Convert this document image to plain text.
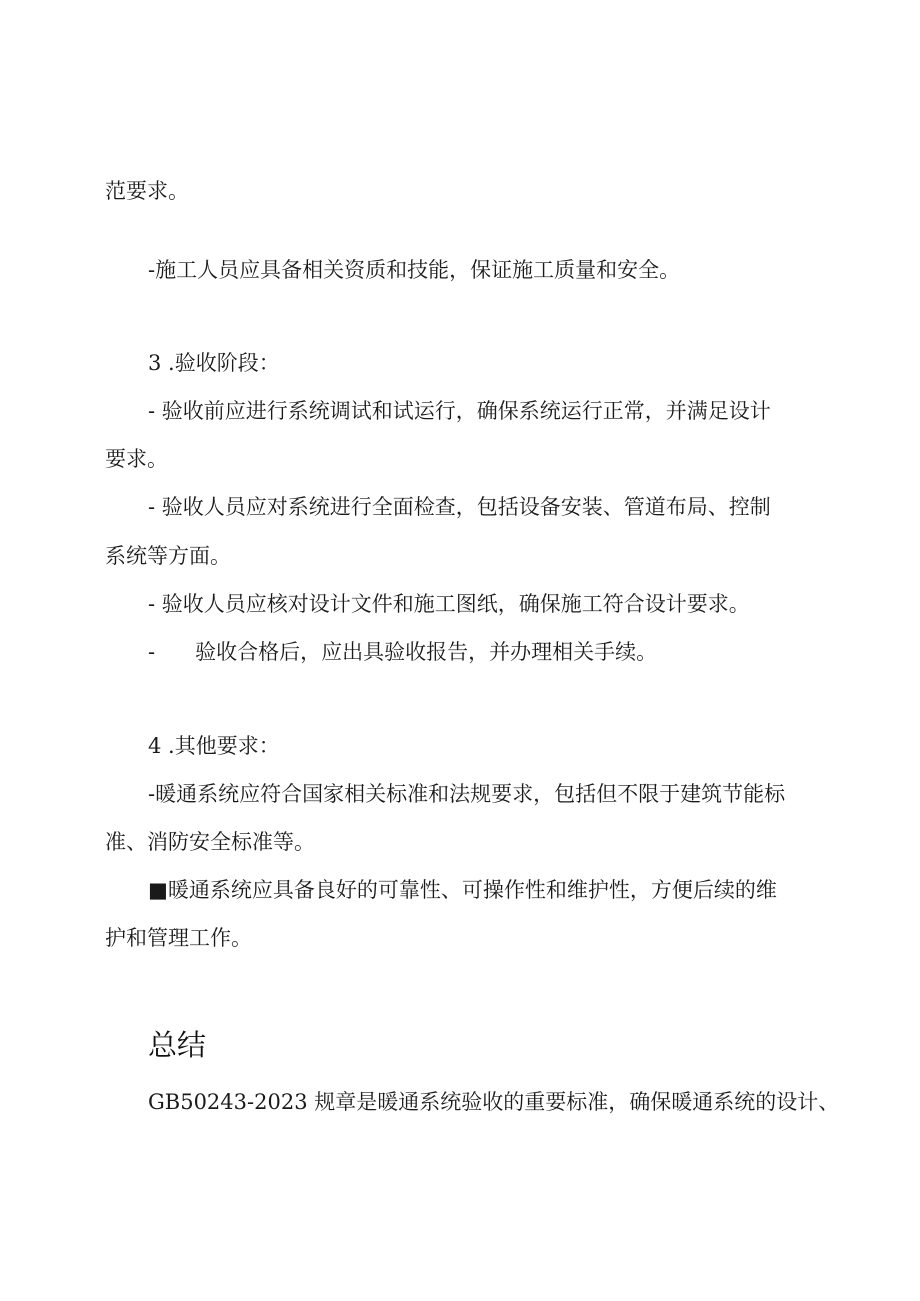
范要求。
-施工人员应具备相关资质和技能，保证施工质量和安全。
3 .验收阶段：
- 验收前应进行系统调试和试运行，确保系统运行正常，并满足设计
要求。
- 验收人员应对系统进行全面检查，包括设备安装、管道布局、控制
系统等方面。
- 验收人员应核对设计文件和施工图纸，确保施工符合设计要求。
- 验收合格后，应出具验收报告，并办理相关手续。
4 .其他要求：
-暖通系统应符合国家相关标准和法规要求，包括但不限于建筑节能标
准、消防安全标准等。
■暖通系统应具备良好的可靠性、可操作性和维护性，方便后续的维
护和管理工作。
总结
GB50243-2023 规章是暖通系统验收的重要标准，确保暖通系统的设计、
